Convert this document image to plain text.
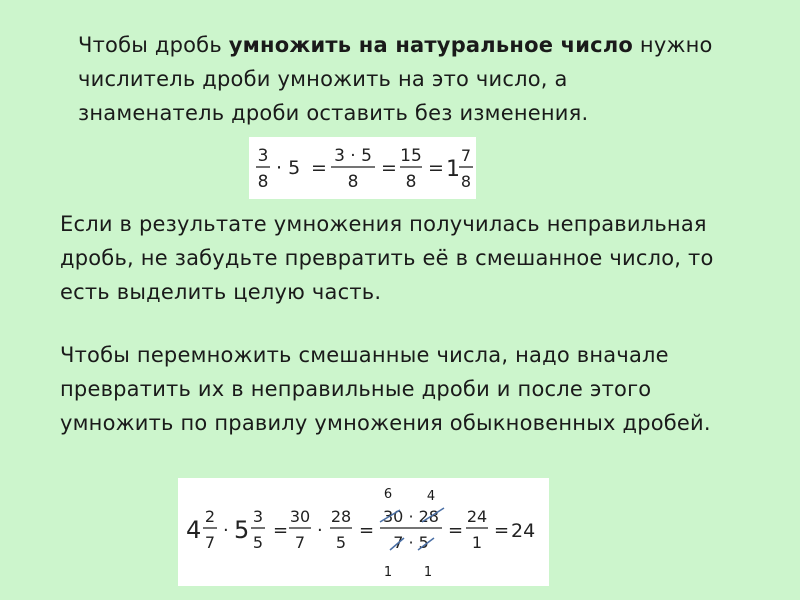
Чтобы дробь умножить на натуральное число нужно числитель дроби умножить на это число, а знаменатель дроби оставить без изменения.
3
8
· 5 =
3 · 5
8
=
15
8
= 1
7
8
Если в результате умножения получилась неправильная дробь, не забудьте превратить её в смешанное число, то есть выделить целую часть.
Чтобы перемножить смешанные числа, надо вначале превратить их в неправильные дроби и после этого умножить по правилу умножения обыкновенных дробей.
4 2
7
· 5 3
5
=
30
7
·
28
5
=
6	4
30 · 28
7 · 5
1 1
=
24
1
= 24
